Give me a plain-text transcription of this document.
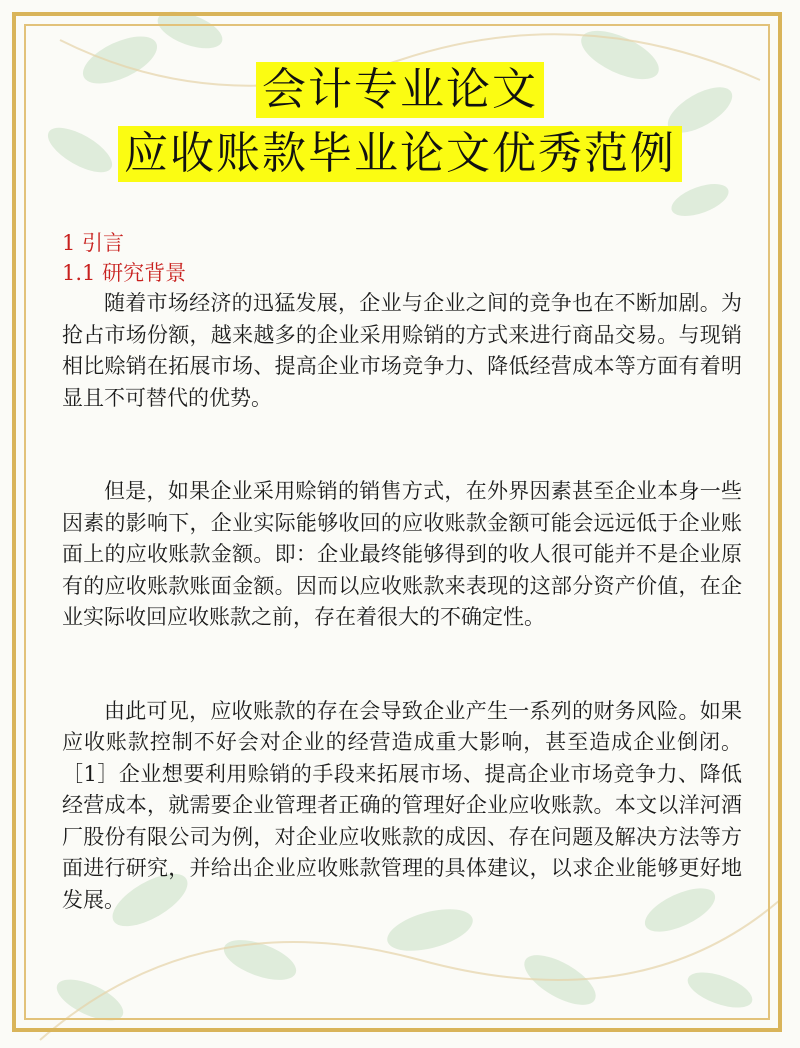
会计专业论文
应收账款毕业论文优秀范例
1 引言
1.1 研究背景

随着市场经济的迅猛发展，企业与企业之间的竞争也在不断加剧。为抢占市场份额，越来越多的企业采用赊销的方式来进行商品交易。与现销相比赊销在拓展市场、提高企业市场竞争力、降低经营成本等方面有着明显且不可替代的优势。

但是，如果企业采用赊销的销售方式，在外界因素甚至企业本身一些因素的影响下，企业实际能够收回的应收账款金额可能会远远低于企业账面上的应收账款金额。即：企业最终能够得到的收人很可能并不是企业原有的应收账款账面金额。因而以应收账款来表现的这部分资产价值，在企业实际收回应收账款之前，存在着很大的不确定性。

由此可见，应收账款的存在会导致企业产生一系列的财务风险。如果应收账款控制不好会对企业的经营造成重大影响，甚至造成企业倒闭。［1］企业想要利用赊销的手段来拓展市场、提高企业市场竞争力、降低经营成本，就需要企业管理者正确的管理好企业应收账款。本文以洋河酒厂股份有限公司为例，对企业应收账款的成因、存在问题及解决方法等方面进行研究，并给出企业应收账款管理的具体建议，以求企业能够更好地发展。
